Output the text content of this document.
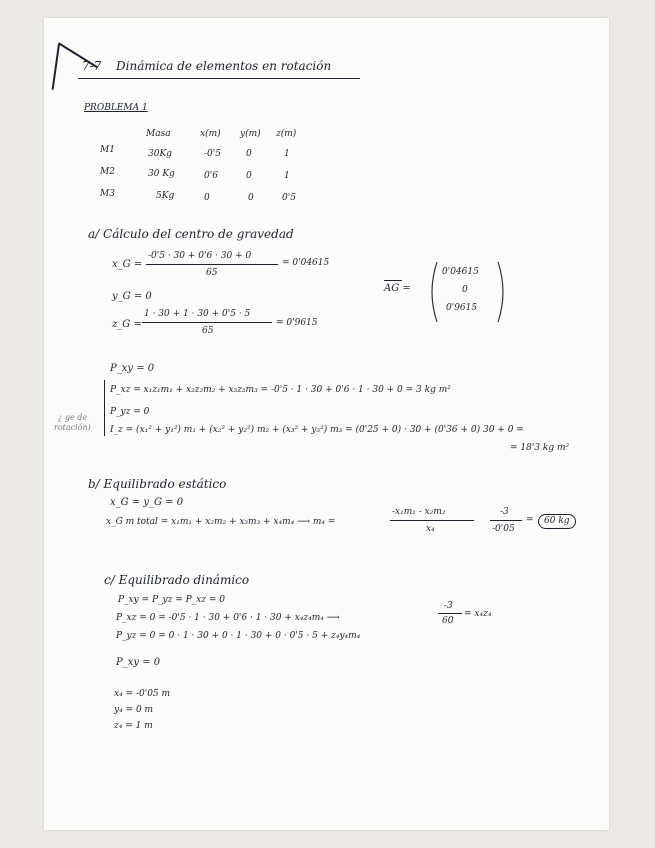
7-7 Dinámica de elementos en rotación
PROBLEMA 1
Masa	x(m) y(m) z(m)
M1	30Kg	-0'5	0	1
M2	30 Kg	0'6	0	1
M3	5Kg	0	0	0'5
a/ Cálculo del centro de gravedad
x_G =
-0'5 · 30 + 0'6 · 30 + 0
65
= 0'04615
y_G = 0
z_G =
1 · 30 + 1 · 30 + 0'5 · 5
65
= 0'9615
AG =
0'04615
0
0'9615
P_xy = 0
P_xz = x₁z₁m₁ + x₂z₂m₂ + x₃z₃m₃ = -0'5 · 1 · 30 + 0'6 · 1 · 30 + 0 = 3 kg m²
P_yz = 0
I_z = (x₁² + y₁²) m₁ + (x₂² + y₂²) m₂ + (x₃² + y₃²) m₃ = (0'25 + 0) · 30 + (0'36 + 0) 30 + 0 =
= 18'3 kg m²
¿ ge de
rotación)
b/ Equilibrado estático
x_G = y_G = 0
x_G m total = x₁m₁ + x₂m₂ + x₃m₃ + x₄m₄ ⟶ m₄ =
-x₁m₁ - x₂m₂
x₄
-3
-0'05
=	60 kg
c/ Equilibrado dinámico
P_xy = P_yz = P_xz = 0
P_xz = 0 = -0'5 · 1 · 30 + 0'6 · 1 · 30 + x₄z₄m₄ ⟶
-3
60
= x₄z₄
P_yz = 0 = 0 · 1 · 30 + 0 · 1 · 30 + 0 · 0'5 · 5 + z₄y₄m₄
P_xy = 0
x₄ = -0'05 m
y₄ = 0 m
z₄ = 1 m
